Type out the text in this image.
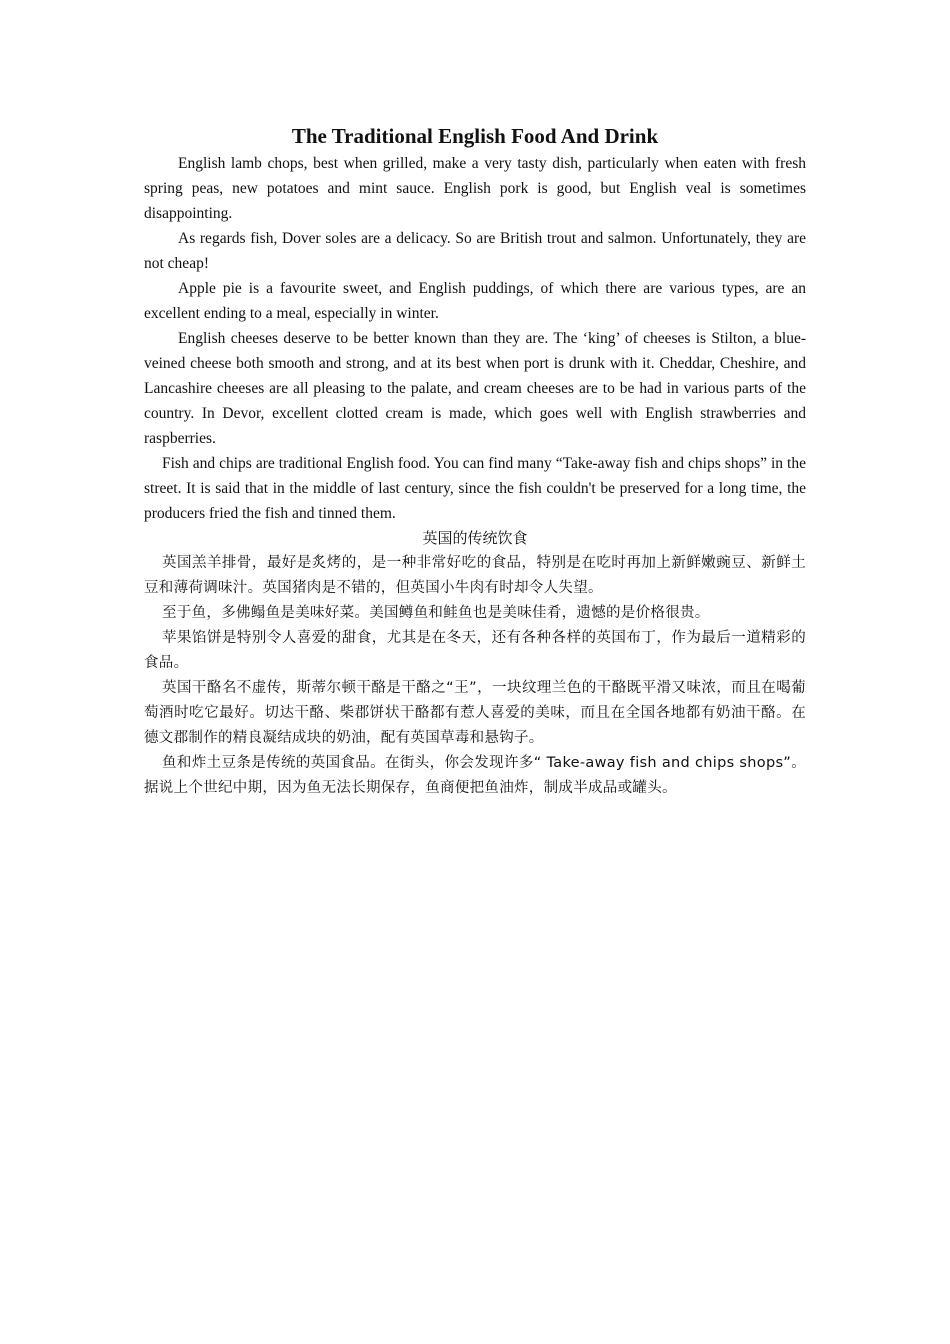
The Traditional English Food And Drink

English lamb chops, best when grilled, make a very tasty dish, particularly when eaten with fresh spring peas, new potatoes and mint sauce. English pork is good, but English veal is sometimes disappointing.

As regards fish, Dover soles are a delicacy. So are British trout and salmon. Unfortunately, they are not cheap!

Apple pie is a favourite sweet, and English puddings, of which there are various types, are an excellent ending to a meal, especially in winter.

English cheeses deserve to be better known than they are. The ‘king’ of cheeses is Stilton, a blue-veined cheese both smooth and strong, and at its best when port is drunk with it. Cheddar, Cheshire, and Lancashire cheeses are all pleasing to the palate, and cream cheeses are to be had in various parts of the country. In Devor, excellent clotted cream is made, which goes well with English strawberries and raspberries.

Fish and chips are traditional English food. You can find many “Take-away fish and chips shops” in the street. It is said that in the middle of last century, since the fish couldn't be preserved for a long time, the producers fried the fish and tinned them.

英国的传统饮食

英国羔羊排骨，最好是炙烤的，是一种非常好吃的食品，特别是在吃时再加上新鲜嫩豌豆、新鲜土豆和薄荷调味汁。英国猪肉是不错的，但英国小牛肉有时却令人失望。

至于鱼，多佛鳎鱼是美味好菜。美国鳟鱼和鲑鱼也是美味佳肴，遗憾的是价格很贵。

苹果馅饼是特别令人喜爱的甜食，尤其是在冬天，还有各种各样的英国布丁，作为最后一道精彩的食品。

英国干酪名不虚传，斯蒂尔顿干酪是干酪之“王”，一块纹理兰色的干酪既平滑又味浓，而且在喝葡萄酒时吃它最好。切达干酪、柴郡饼状干酪都有惹人喜爱的美味，而且在全国各地都有奶油干酪。在德文郡制作的精良凝结成块的奶油，配有英国草毒和悬钩子。

鱼和炸土豆条是传统的英国食品。在街头，你会发现许多“ Take-away fish and chips shops”。据说上个世纪中期，因为鱼无法长期保存，鱼商便把鱼油炸，制成半成品或罐头。
